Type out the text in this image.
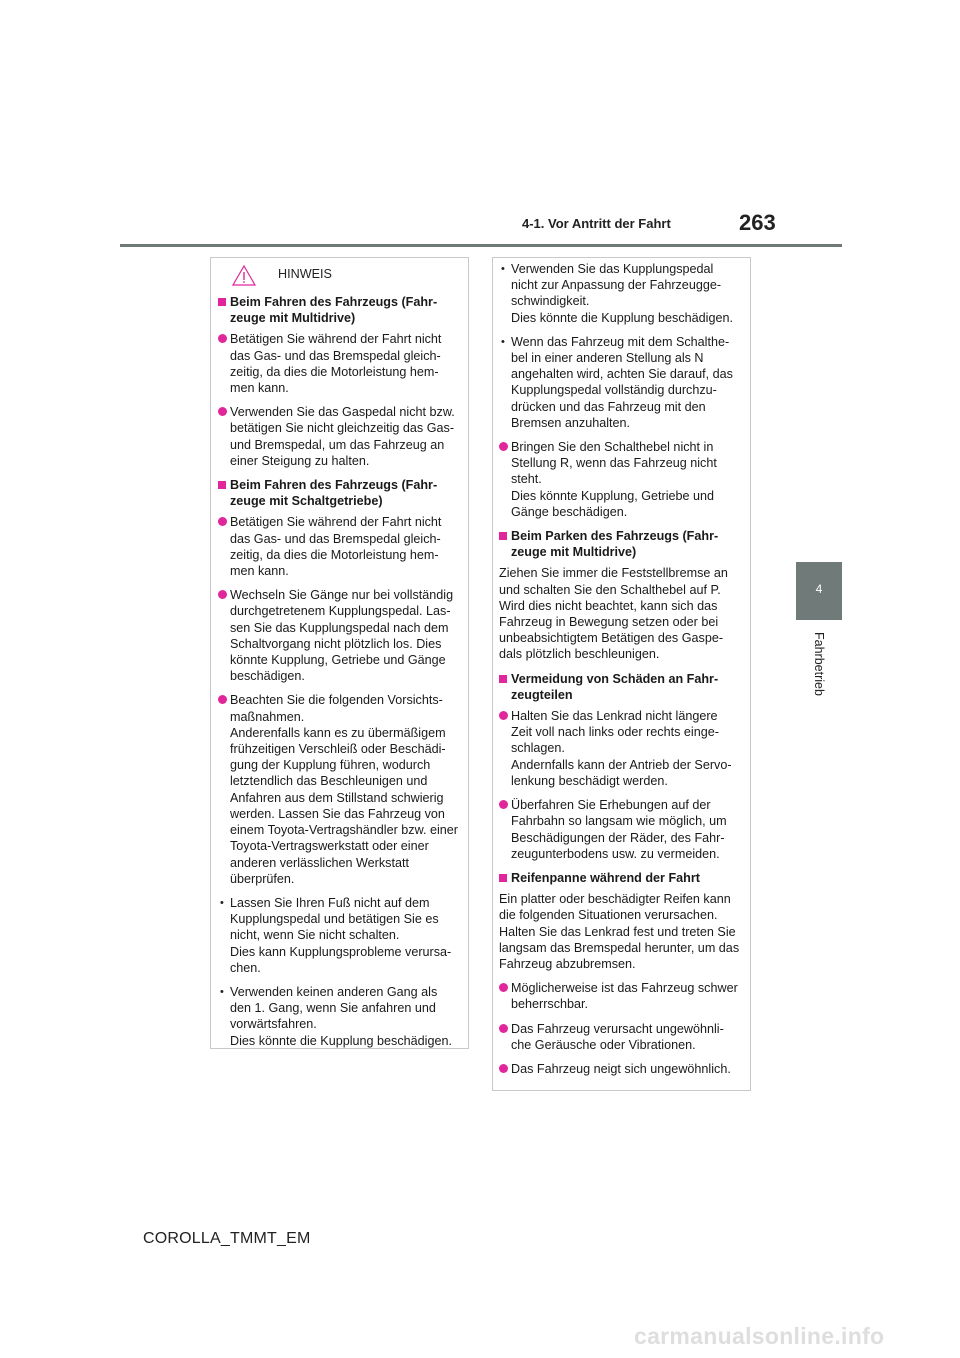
4-1. Vor Antritt der Fahrt	263
4
Fahrbetrieb
HINWEIS
Beim Fahren des Fahrzeugs (Fahr-zeuge mit Multidrive)
Betätigen Sie während der Fahrt nicht das Gas- und das Bremspedal gleich-zeitig, da dies die Motorleistung hem-men kann.
Verwenden Sie das Gaspedal nicht bzw. betätigen Sie nicht gleichzeitig das Gas- und Bremspedal, um das Fahrzeug an einer Steigung zu halten.
Beim Fahren des Fahrzeugs (Fahr-zeuge mit Schaltgetriebe)
Betätigen Sie während der Fahrt nicht das Gas- und das Bremspedal gleich-zeitig, da dies die Motorleistung hem-men kann.
Wechseln Sie Gänge nur bei vollständig durchgetretenem Kupplungspedal. Las-sen Sie das Kupplungspedal nach dem Schaltvorgang nicht plötzlich los. Dies könnte Kupplung, Getriebe und Gänge beschädigen.
Beachten Sie die folgenden Vorsichts-maßnahmen.
Anderenfalls kann es zu übermäßigem frühzeitigen Verschleiß oder Beschädi-gung der Kupplung führen, wodurch letztendlich das Beschleunigen und Anfahren aus dem Stillstand schwierig werden. Lassen Sie das Fahrzeug von einem Toyota-Vertragshändler bzw. einer Toyota-Vertragswerkstatt oder einer anderen verlässlichen Werkstatt überprüfen.
• Lassen Sie Ihren Fuß nicht auf dem Kupplungspedal und betätigen Sie es nicht, wenn Sie nicht schalten.
Dies kann Kupplungsprobleme verursa-chen.
• Verwenden keinen anderen Gang als den 1. Gang, wenn Sie anfahren und vorwärtsfahren.
Dies könnte die Kupplung beschädigen.
• Verwenden Sie das Kupplungspedal nicht zur Anpassung der Fahrzeugge-schwindigkeit.
Dies könnte die Kupplung beschädigen.
• Wenn das Fahrzeug mit dem Schalthe-bel in einer anderen Stellung als N angehalten wird, achten Sie darauf, das Kupplungspedal vollständig durchzu-drücken und das Fahrzeug mit den Bremsen anzuhalten.
Bringen Sie den Schalthebel nicht in Stellung R, wenn das Fahrzeug nicht steht.
Dies könnte Kupplung, Getriebe und Gänge beschädigen.
Beim Parken des Fahrzeugs (Fahr-zeuge mit Multidrive)
Ziehen Sie immer die Feststellbremse an und schalten Sie den Schalthebel auf P. Wird dies nicht beachtet, kann sich das Fahrzeug in Bewegung setzen oder bei unbeabsichtigtem Betätigen des Gaspe-dals plötzlich beschleunigen.
Vermeidung von Schäden an Fahr-zeugteilen
Halten Sie das Lenkrad nicht längere Zeit voll nach links oder rechts einge-schlagen.
Andernfalls kann der Antrieb der Servo-lenkung beschädigt werden.
Überfahren Sie Erhebungen auf der Fahrbahn so langsam wie möglich, um Beschädigungen der Räder, des Fahr-zeugunterbodens usw. zu vermeiden.
Reifenpanne während der Fahrt
Ein platter oder beschädigter Reifen kann die folgenden Situationen verursachen. Halten Sie das Lenkrad fest und treten Sie langsam das Bremspedal herunter, um das Fahrzeug abzubremsen.
Möglicherweise ist das Fahrzeug schwer beherrschbar.
Das Fahrzeug verursacht ungewöhnli-che Geräusche oder Vibrationen.
Das Fahrzeug neigt sich ungewöhnlich.
COROLLA_TMMT_EM
carmanualsonline.info
